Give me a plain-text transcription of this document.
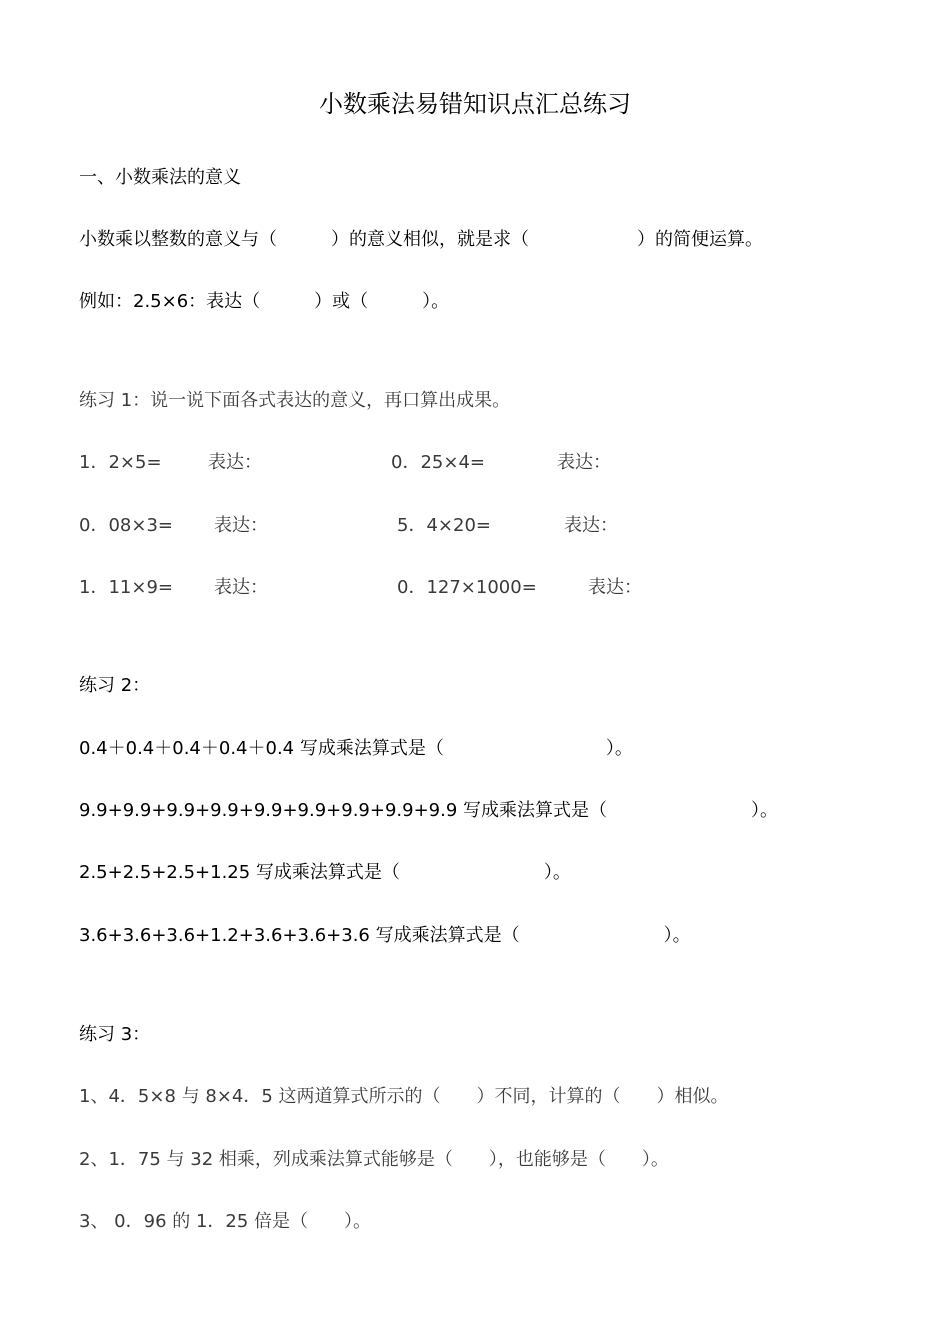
小数乘法易错知识点汇总练习
一、小数乘法的意义
小数乘以整数的意义与（　　　）的意义相似，就是求（　　　　　　）的简便运算。
例如：2.5×6：表达（　　　）或（　　　）。
练习 1：说一说下面各式表达的意义，再口算出成果。
1．2×5=	表达：	0．25×4=	表达：
0．08×3= 表达：	5．4×20=	表达：
1．11×9= 表达：	0．127×1000=	表达：
练习 2：
0.4＋0.4＋0.4＋0.4＋0.4 写成乘法算式是（　　　　　　　　　）。
9.9+9.9+9.9+9.9+9.9+9.9+9.9+9.9+9.9 写成乘法算式是（　　　　　　　　）。
2.5+2.5+2.5+1.25 写成乘法算式是（　　　　　　　　）。
3.6+3.6+3.6+1.2+3.6+3.6+3.6 写成乘法算式是（　　　　　　　　）。
练习 3：
1、4．5×8 与 8×4．5 这两道算式所示的（　　）不同，计算的（　　）相似。
2、1．75 与 32 相乘，列成乘法算式能够是（　　），也能够是（　　）。
3、 0．96 的 1．25 倍是（　　）。
